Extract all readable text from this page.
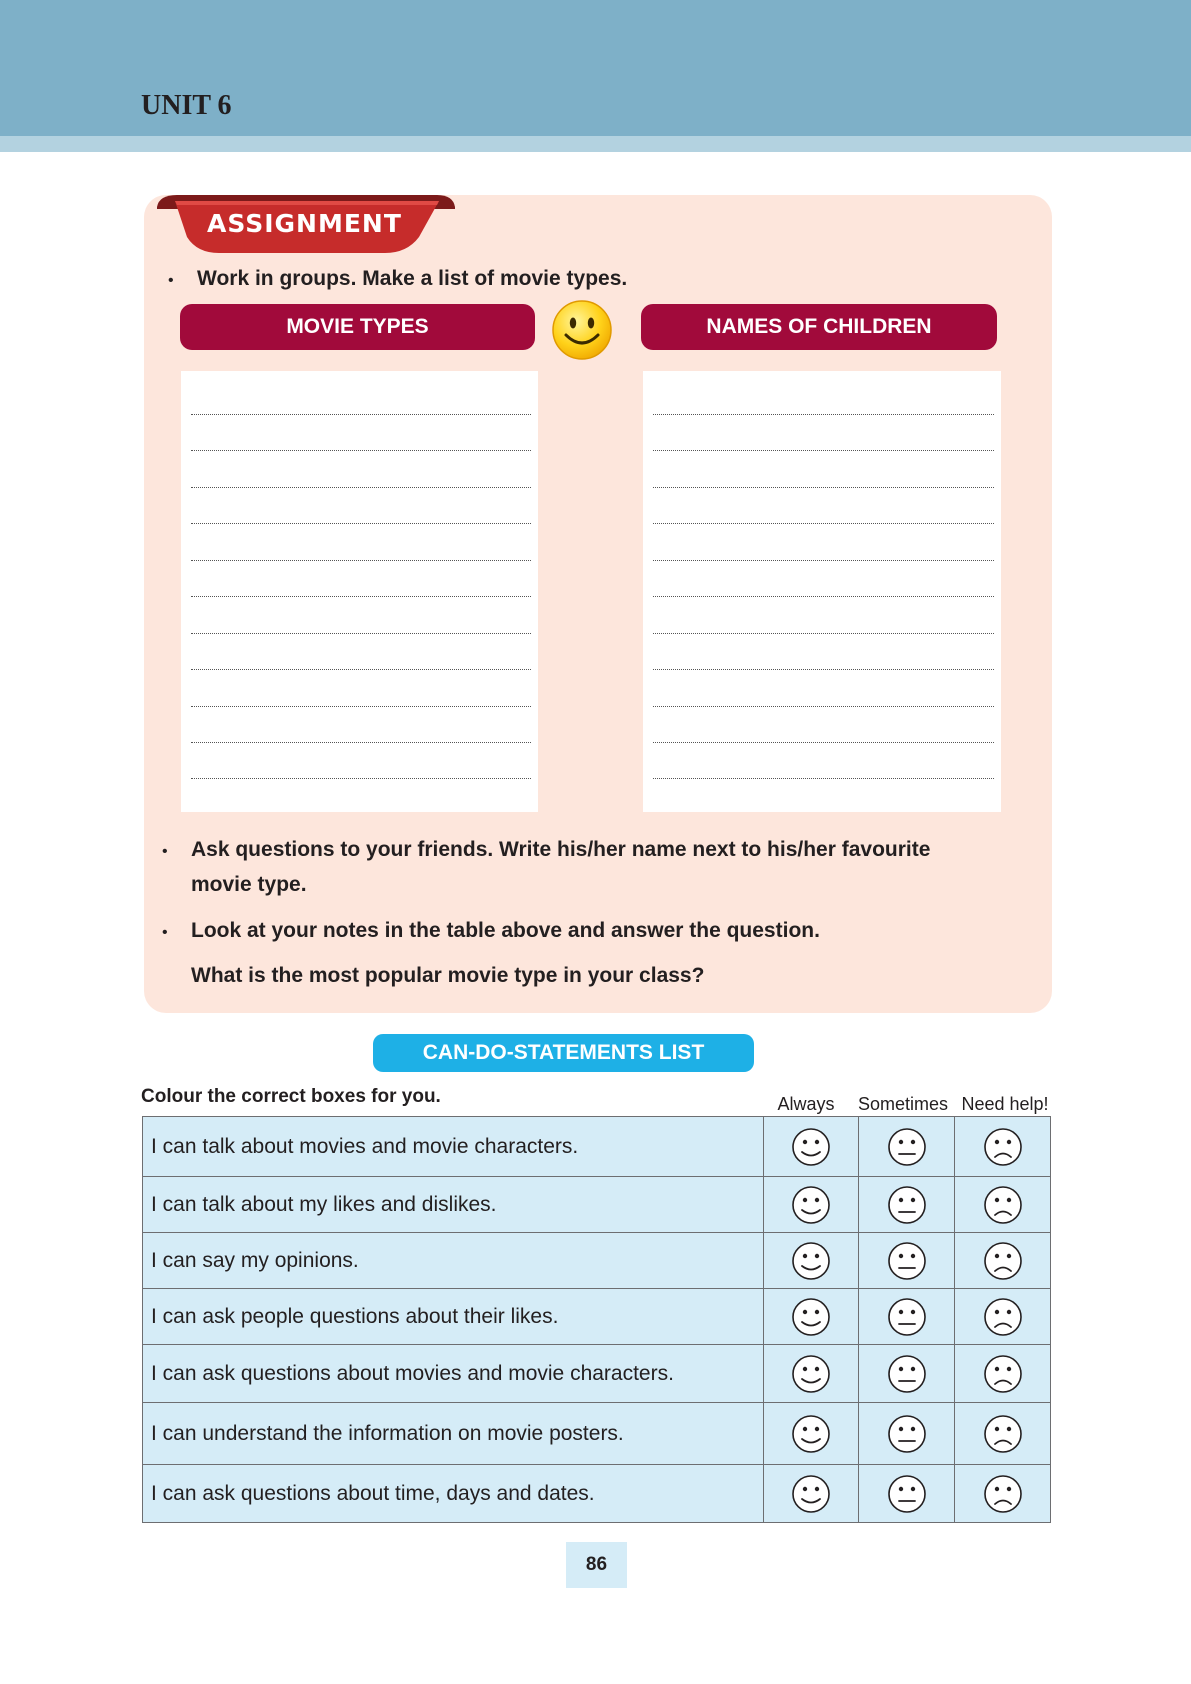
UNIT 6
ASSIGNMENT
• Work in groups. Make a list of movie types.
MOVIE TYPES	NAMES OF CHILDREN
• Ask questions to your friends. Write his/her name next to his/her favourite
movie type.
• Look at your notes in the table above and answer the question.
What is the most popular movie type in your class?
CAN-DO-STATEMENTS LIST
Colour the correct boxes for you.	Always	Sometimes Need help!
I can talk about movies and movie characters.			
I can talk about my likes and dislikes.			
I can say my opinions.			
I can ask people questions about their likes.			
I can ask questions about movies and movie characters.			
I can understand the information on movie posters.			
I can ask questions about time, days and dates.			
86
